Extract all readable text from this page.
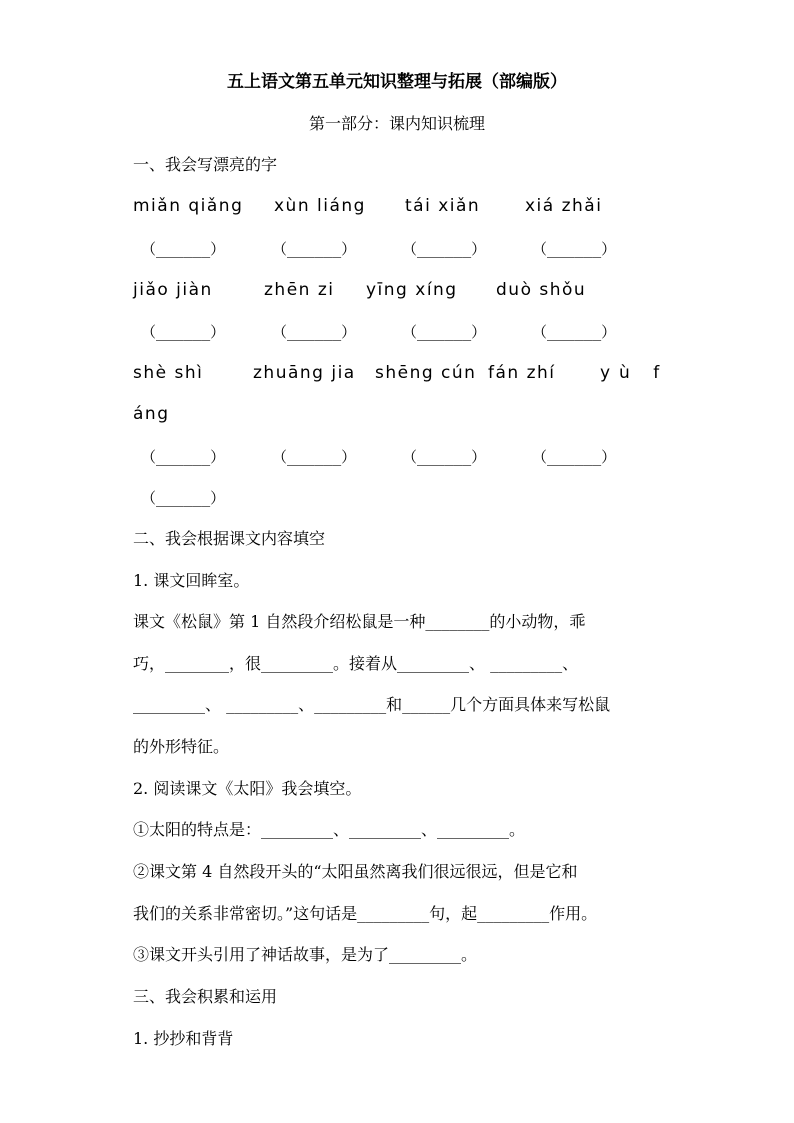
五上语文第五单元知识整理与拓展（部编版）
第一部分：课内知识梳理
一、我会写漂亮的字
miǎn qiǎng xùn liáng tái xiǎn	xiá zhǎi
（______）	（______）	（______）	（______）
jiǎo jiàn	zhēn zi yīng xíng duò shǒu
（______）	（______）	（______）	（______）
shè shì	zhuāng jia shēng cún fán zhí	yù f
áng
（______）	（______）	（______）	（______）
（______）
二、我会根据课文内容填空
1. 课文回眸室。
课文《松鼠》第 1 自然段介绍松鼠是一种________的小动物，乖
巧，________，很_________。接着从_________、 _________、
_________、 _________、_________和______几个方面具体来写松鼠
的外形特征。
2. 阅读课文《太阳》我会填空。
①太阳的特点是：_________、_________、_________。
②课文第 4 自然段开头的“太阳虽然离我们很远很远，但是它和
我们的关系非常密切。”这句话是_________句，起_________作用。
③课文开头引用了神话故事，是为了_________。
三、我会积累和运用
1. 抄抄和背背
